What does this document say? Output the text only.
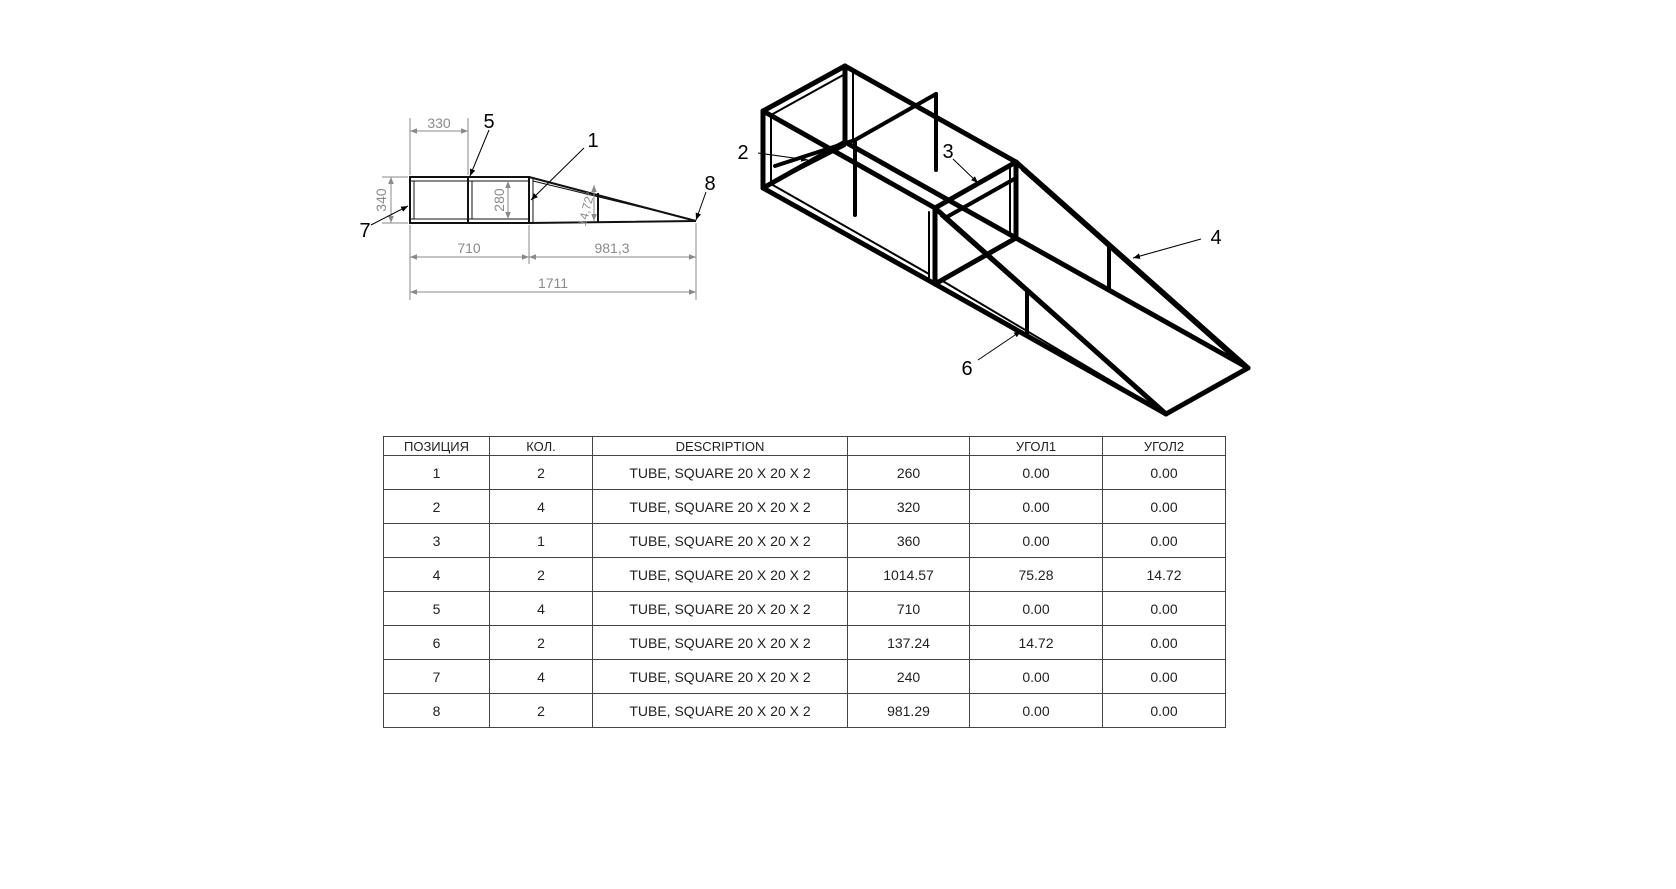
330
340	280	14,72°
710	981,3
1711
5
1
7
8
2	3
4
6
ПОЗИЦИЯ	КОЛ.	DESCRIPTION		УГОЛ1	УГОЛ2
1	2	TUBE, SQUARE 20 X 20 X 2	260	0.00	0.00
2	4	TUBE, SQUARE 20 X 20 X 2	320	0.00	0.00
3	1	TUBE, SQUARE 20 X 20 X 2	360	0.00	0.00
4	2	TUBE, SQUARE 20 X 20 X 2	1014.57	75.28	14.72
5	4	TUBE, SQUARE 20 X 20 X 2	710	0.00	0.00
6	2	TUBE, SQUARE 20 X 20 X 2	137.24	14.72	0.00
7	4	TUBE, SQUARE 20 X 20 X 2	240	0.00	0.00
8	2	TUBE, SQUARE 20 X 20 X 2	981.29	0.00	0.00
